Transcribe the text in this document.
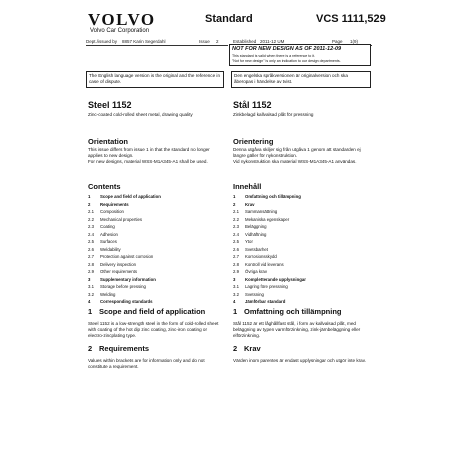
VOLVO
Volvo Car Corporation
Standard	VCS 1111,529
Dept./issued by 8857 Karin Segerdahl	Issue 2	Established 2011-12 UM	Page 1(9)
NOT FOR NEW DESIGN AS OF 2011-12-09
This standard is valid when there is a reference to it.
"Not for new design" is only an indication to our design departments.
The English language version is the original and the reference in case of dispute.
Den engelska språkversionen är originalversion och ska åberopas i händelse av tvist.
Steel 1152
Zinc-coated cold-rolled sheet metal, drawing quality
Orientation
This issue differs from issue 1 in that the standard no longer applies to new design.
For new designs, material WSS-M1A345-A1 shall be used.
Contents
1 Scope and field of application
2 Requirements
2.1 Composition
2.2 Mechanical properties
2.3 Coating
2.4 Adhesion
2.5 Surfaces
2.6 Weldability
2.7 Protection against corrosion
2.8 Delivery inspection
2.9 Other requirements
3 Supplementary information
3.1 Storage before pressing
3.2 Welding
4 Corresponding standards
1 Scope and field of application
Steel 1152 is a low-strength steel in the form of cold-rolled sheet with coating of the hot dip zinc coating, zinc-iron coating or electro-zincplating type.
2 Requirements
Values within brackets are for information only and do not constitute a requirement.
Stål 1152
Zinkbelagd kallvalsad plåt för pressning
Orientering
Denna utgåva skiljer sig från utgåva 1 genom att standarden ej längre gäller för nykonstruktion.
Vid nykonstruktion ska material WSS-M1A345-A1 användas.
Innehåll
1 Omfattning och tillämpning
2 Krav
2.1 Sammansättning
2.2 Mekaniska egenskaper
2.3 Beläggning
2.4 Vidhäftning
2.5 Ytor
2.6 Svetsbarhet
2.7 Korrosionsskydd
2.8 Kontroll vid leverans
2.9 Övriga krav
3 Kompletterande upplysningar
3.1 Lagring före pressning
3.2 Svetsning
4 Jämförbar standard
1 Omfattning och tillämpning
Stål 1152 är ett låghållfast stål, i form av kallvalsad plåt, med beläggning av typen varmförzinkning, zink-järnbeläggning eller elförzinkning.
2 Krav
Värden inom parentes är endast upplysningar och utgör inte krav.
